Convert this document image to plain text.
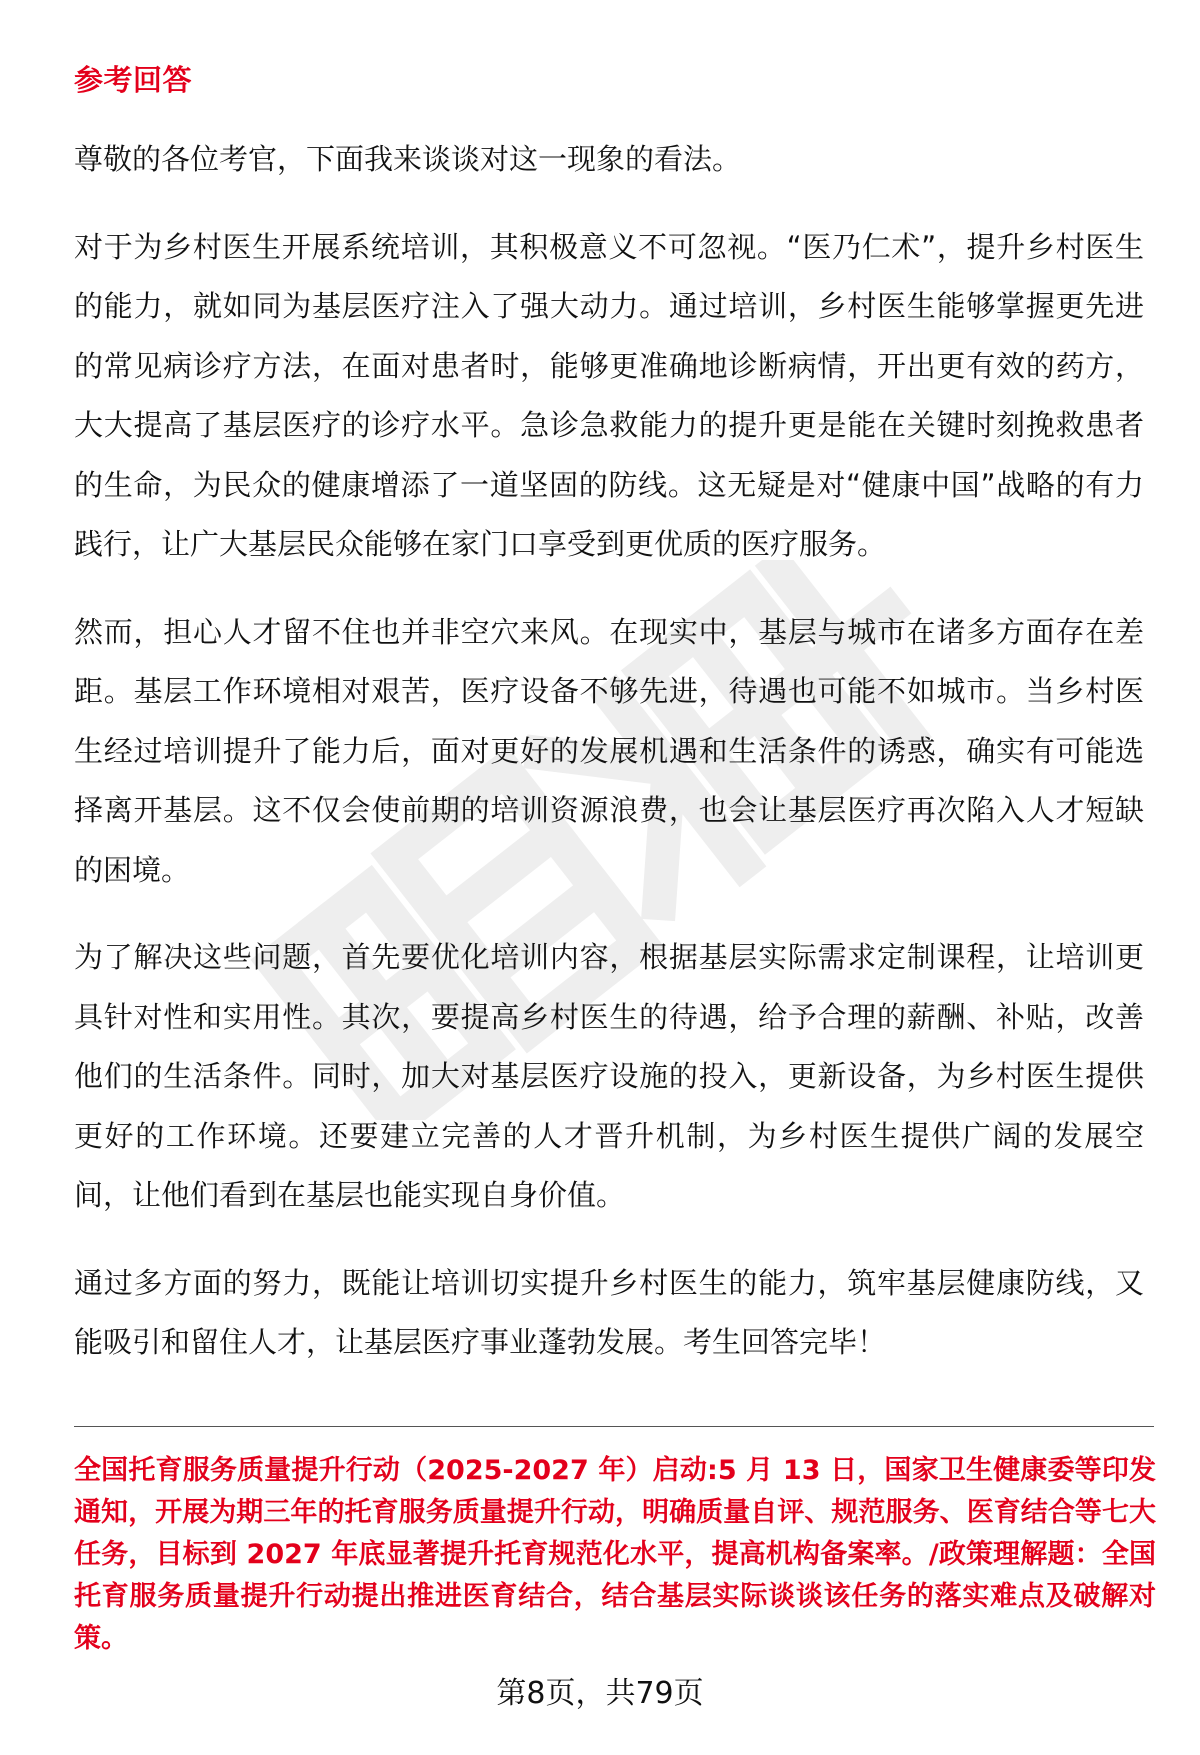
参考回答

尊敬的各位考官，下面我来谈谈对这一现象的看法。

对于为乡村医生开展系统培训，其积极意义不可忽视。“医乃仁术”，提升乡村医生的能力，就如同为基层医疗注入了强大动力。通过培训，乡村医生能够掌握更先进的常见病诊疗方法，在面对患者时，能够更准确地诊断病情，开出更有效的药方，大大提高了基层医疗的诊疗水平。急诊急救能力的提升更是能在关键时刻挽救患者的生命，为民众的健康增添了一道坚固的防线。这无疑是对“健康中国”战略的有力践行，让广大基层民众能够在家门口享受到更优质的医疗服务。

然而，担心人才留不住也并非空穴来风。在现实中，基层与城市在诸多方面存在差距。基层工作环境相对艰苦，医疗设备不够先进，待遇也可能不如城市。当乡村医生经过培训提升了能力后，面对更好的发展机遇和生活条件的诱惑，确实有可能选择离开基层。这不仅会使前期的培训资源浪费，也会让基层医疗再次陷入人才短缺的困境。

为了解决这些问题，首先要优化培训内容，根据基层实际需求定制课程，让培训更具针对性和实用性。其次，要提高乡村医生的待遇，给予合理的薪酬、补贴，改善他们的生活条件。同时，加大对基层医疗设施的投入，更新设备，为乡村医生提供更好的工作环境。还要建立完善的人才晋升机制，为乡村医生提供广阔的发展空间，让他们看到在基层也能实现自身价值。

通过多方面的努力，既能让培训切实提升乡村医生的能力，筑牢基层健康防线，又能吸引和留住人才，让基层医疗事业蓬勃发展。考生回答完毕！

全国托育服务质量提升行动（2025-2027 年）启动:5 月 13 日，国家卫生健康委等印发通知，开展为期三年的托育服务质量提升行动，明确质量自评、规范服务、医育结合等七大任务，目标到 2027 年底显著提升托育规范化水平，提高机构备案率。/政策理解题：全国托育服务质量提升行动提出推进医育结合，结合基层实际谈谈该任务的落实难点及破解对策。

第8页，共79页
